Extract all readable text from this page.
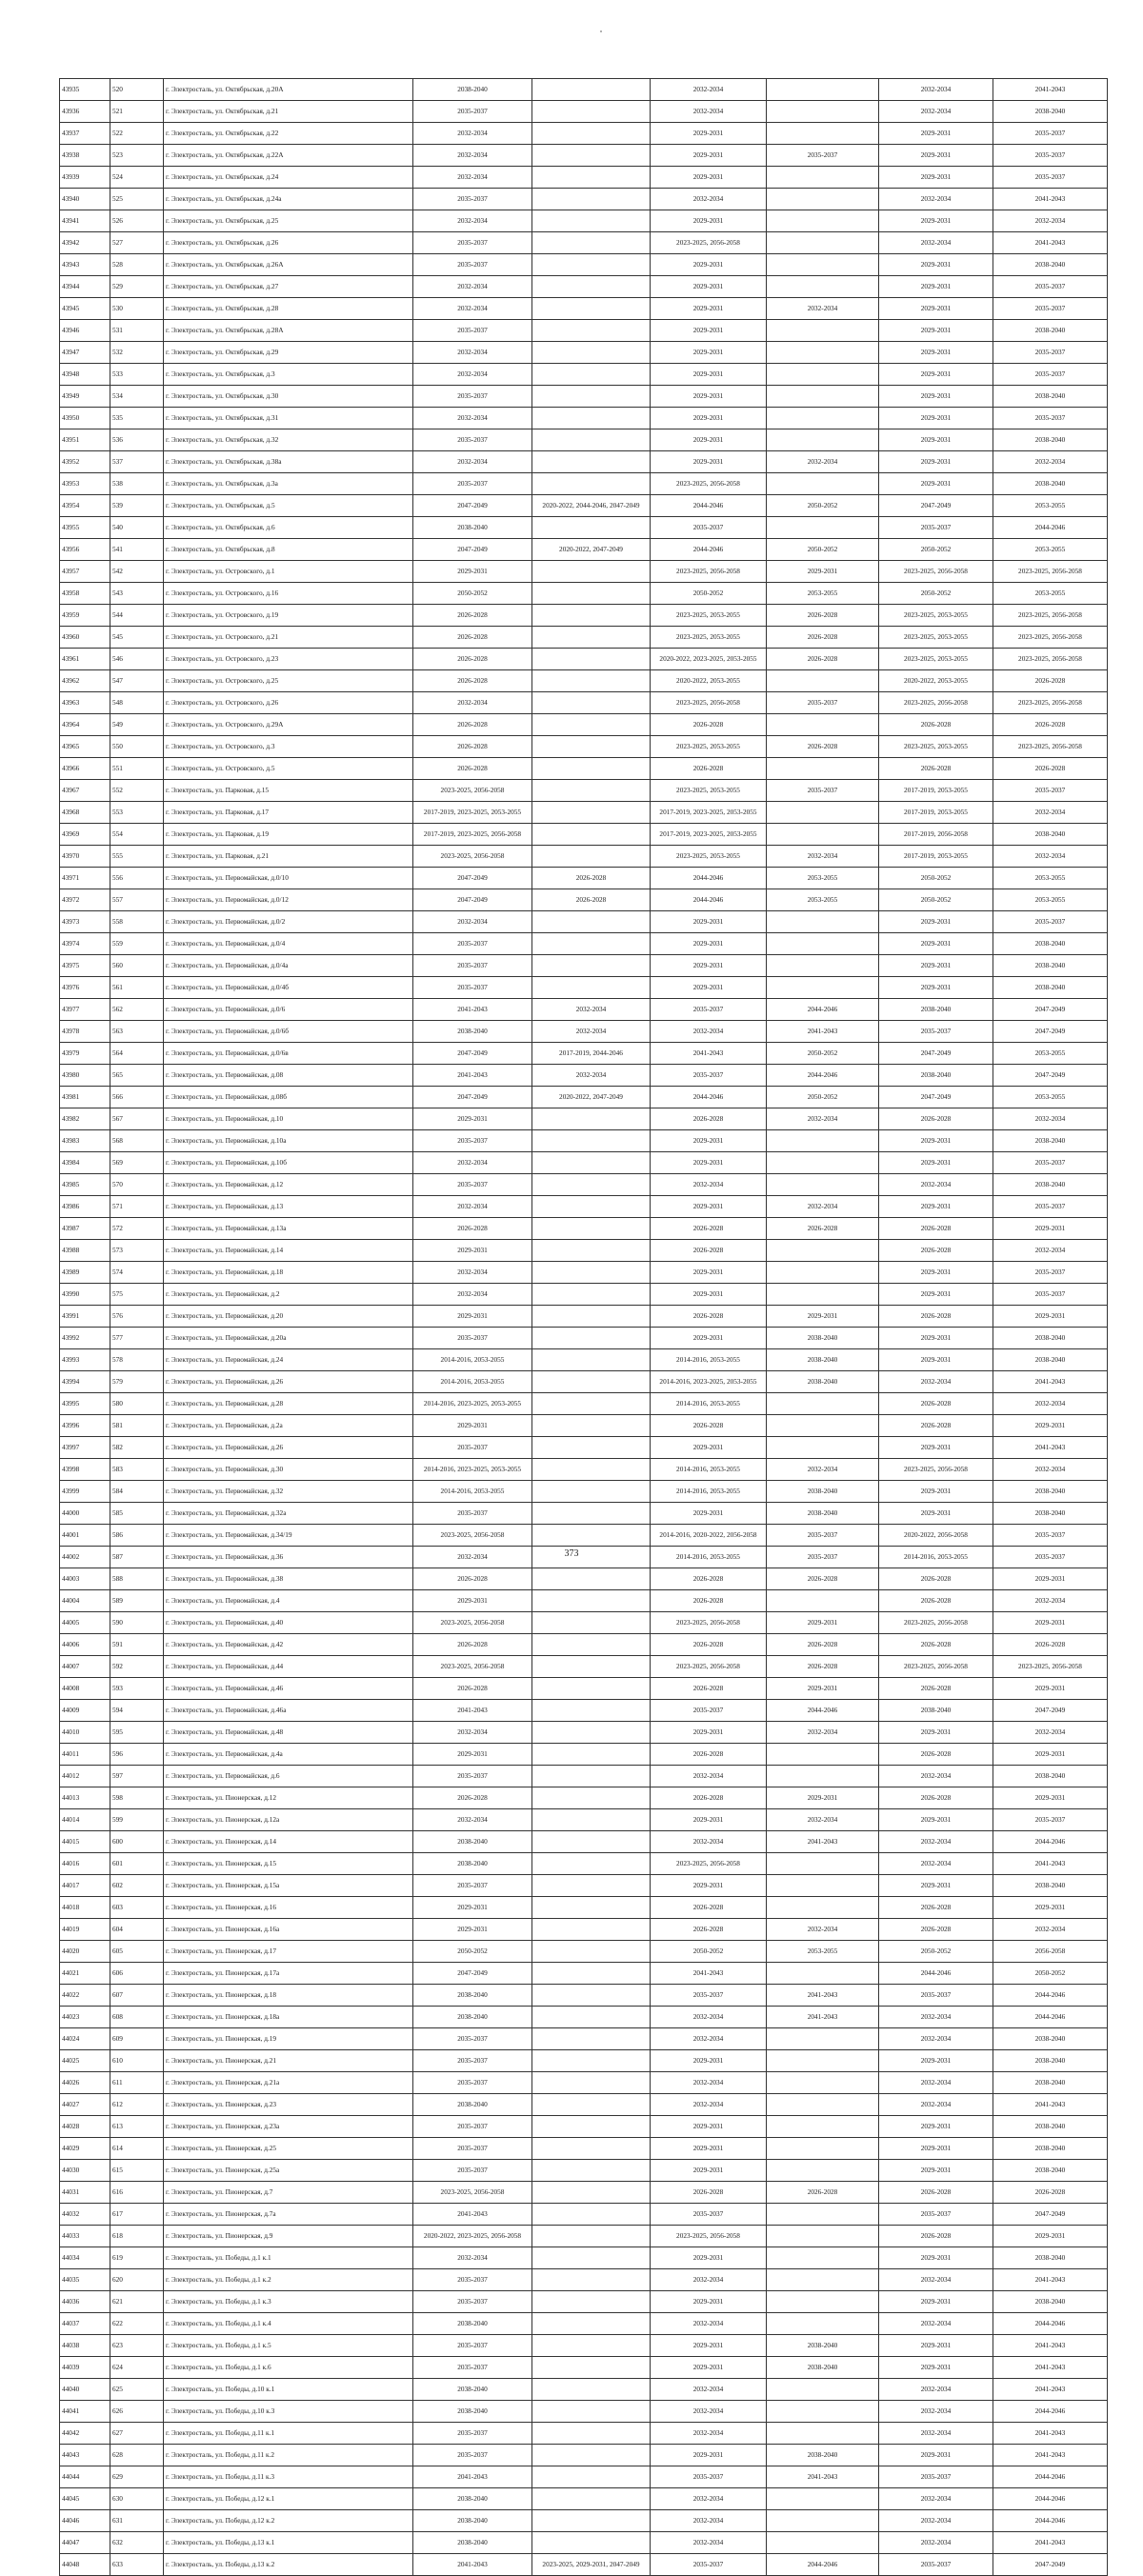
43935	520	г. Электросталь, ул. Октябрьская, д.20А	2038-2040		2032-2034		2032-2034	2041-2043
43936	521	г. Электросталь, ул. Октябрьская, д.21	2035-2037		2032-2034		2032-2034	2038-2040
43937	522	г. Электросталь, ул. Октябрьская, д.22	2032-2034		2029-2031		2029-2031	2035-2037
43938	523	г. Электросталь, ул. Октябрьская, д.22А	2032-2034		2029-2031	2035-2037	2029-2031	2035-2037
43939	524	г. Электросталь, ул. Октябрьская, д.24	2032-2034		2029-2031		2029-2031	2035-2037
43940	525	г. Электросталь, ул. Октябрьская, д.24а	2035-2037		2032-2034		2032-2034	2041-2043
43941	526	г. Электросталь, ул. Октябрьская, д.25	2032-2034		2029-2031		2029-2031	2032-2034
43942	527	г. Электросталь, ул. Октябрьская, д.26	2035-2037		2023-2025, 2056-2058		2032-2034	2041-2043
43943	528	г. Электросталь, ул. Октябрьская, д.26А	2035-2037		2029-2031		2029-2031	2038-2040
43944	529	г. Электросталь, ул. Октябрьская, д.27	2032-2034		2029-2031		2029-2031	2035-2037
43945	530	г. Электросталь, ул. Октябрьская, д.28	2032-2034		2029-2031	2032-2034	2029-2031	2035-2037
43946	531	г. Электросталь, ул. Октябрьская, д.28А	2035-2037		2029-2031		2029-2031	2038-2040
43947	532	г. Электросталь, ул. Октябрьская, д.29	2032-2034		2029-2031		2029-2031	2035-2037
43948	533	г. Электросталь, ул. Октябрьская, д.3	2032-2034		2029-2031		2029-2031	2035-2037
43949	534	г. Электросталь, ул. Октябрьская, д.30	2035-2037		2029-2031		2029-2031	2038-2040
43950	535	г. Электросталь, ул. Октябрьская, д.31	2032-2034		2029-2031		2029-2031	2035-2037
43951	536	г. Электросталь, ул. Октябрьская, д.32	2035-2037		2029-2031		2029-2031	2038-2040
43952	537	г. Электросталь, ул. Октябрьская, д.38а	2032-2034		2029-2031	2032-2034	2029-2031	2032-2034
43953	538	г. Электросталь, ул. Октябрьская, д.3а	2035-2037		2023-2025, 2056-2058		2029-2031	2038-2040
43954	539	г. Электросталь, ул. Октябрьская, д.5	2047-2049	2020-2022, 2044-2046, 2047-2049	2044-2046	2050-2052	2047-2049	2053-2055
43955	540	г. Электросталь, ул. Октябрьская, д.6	2038-2040		2035-2037		2035-2037	2044-2046
43956	541	г. Электросталь, ул. Октябрьская, д.8	2047-2049	2020-2022, 2047-2049	2044-2046	2050-2052	2050-2052	2053-2055
43957	542	г. Электросталь, ул. Островского, д.1	2029-2031		2023-2025, 2056-2058	2029-2031	2023-2025, 2056-2058	2023-2025, 2056-2058
43958	543	г. Электросталь, ул. Островского, д.16	2050-2052		2050-2052	2053-2055	2050-2052	2053-2055
43959	544	г. Электросталь, ул. Островского, д.19	2026-2028		2023-2025, 2053-2055	2026-2028	2023-2025, 2053-2055	2023-2025, 2056-2058
43960	545	г. Электросталь, ул. Островского, д.21	2026-2028		2023-2025, 2053-2055	2026-2028	2023-2025, 2053-2055	2023-2025, 2056-2058
43961	546	г. Электросталь, ул. Островского, д.23	2026-2028		2020-2022, 2023-2025, 2053-2055	2026-2028	2023-2025, 2053-2055	2023-2025, 2056-2058
43962	547	г. Электросталь, ул. Островского, д.25	2026-2028		2020-2022, 2053-2055		2020-2022, 2053-2055	2026-2028
43963	548	г. Электросталь, ул. Островского, д.26	2032-2034		2023-2025, 2056-2058	2035-2037	2023-2025, 2056-2058	2023-2025, 2056-2058
43964	549	г. Электросталь, ул. Островского, д.29А	2026-2028		2026-2028		2026-2028	2026-2028
43965	550	г. Электросталь, ул. Островского, д.3	2026-2028		2023-2025, 2053-2055	2026-2028	2023-2025, 2053-2055	2023-2025, 2056-2058
43966	551	г. Электросталь, ул. Островского, д.5	2026-2028		2026-2028		2026-2028	2026-2028
43967	552	г. Электросталь, ул. Парковая, д.15	2023-2025, 2056-2058		2023-2025, 2053-2055	2035-2037	2017-2019, 2053-2055	2035-2037
43968	553	г. Электросталь, ул. Парковая, д.17	2017-2019, 2023-2025, 2053-2055		2017-2019, 2023-2025, 2053-2055		2017-2019, 2053-2055	2032-2034
43969	554	г. Электросталь, ул. Парковая, д.19	2017-2019, 2023-2025, 2056-2058		2017-2019, 2023-2025, 2053-2055		2017-2019, 2056-2058	2038-2040
43970	555	г. Электросталь, ул. Парковая, д.21	2023-2025, 2056-2058		2023-2025, 2053-2055	2032-2034	2017-2019, 2053-2055	2032-2034
43971	556	г. Электросталь, ул. Первомайская, д.0/10	2047-2049	2026-2028	2044-2046	2053-2055	2050-2052	2053-2055
43972	557	г. Электросталь, ул. Первомайская, д.0/12	2047-2049	2026-2028	2044-2046	2053-2055	2050-2052	2053-2055
43973	558	г. Электросталь, ул. Первомайская, д.0/2	2032-2034		2029-2031		2029-2031	2035-2037
43974	559	г. Электросталь, ул. Первомайская, д.0/4	2035-2037		2029-2031		2029-2031	2038-2040
43975	560	г. Электросталь, ул. Первомайская, д.0/4а	2035-2037		2029-2031		2029-2031	2038-2040
43976	561	г. Электросталь, ул. Первомайская, д.0/4б	2035-2037		2029-2031		2029-2031	2038-2040
43977	562	г. Электросталь, ул. Первомайская, д.0/6	2041-2043	2032-2034	2035-2037	2044-2046	2038-2040	2047-2049
43978	563	г. Электросталь, ул. Первомайская, д.0/6б	2038-2040	2032-2034	2032-2034	2041-2043	2035-2037	2047-2049
43979	564	г. Электросталь, ул. Первомайская, д.0/6в	2047-2049	2017-2019, 2044-2046	2041-2043	2050-2052	2047-2049	2053-2055
43980	565	г. Электросталь, ул. Первомайская, д.08	2041-2043	2032-2034	2035-2037	2044-2046	2038-2040	2047-2049
43981	566	г. Электросталь, ул. Первомайская, д.08б	2047-2049	2020-2022, 2047-2049	2044-2046	2050-2052	2047-2049	2053-2055
43982	567	г. Электросталь, ул. Первомайская, д.10	2029-2031		2026-2028	2032-2034	2026-2028	2032-2034
43983	568	г. Электросталь, ул. Первомайская, д.10а	2035-2037		2029-2031		2029-2031	2038-2040
43984	569	г. Электросталь, ул. Первомайская, д.10б	2032-2034		2029-2031		2029-2031	2035-2037
43985	570	г. Электросталь, ул. Первомайская, д.12	2035-2037		2032-2034		2032-2034	2038-2040
43986	571	г. Электросталь, ул. Первомайская, д.13	2032-2034		2029-2031	2032-2034	2029-2031	2035-2037
43987	572	г. Электросталь, ул. Первомайская, д.13а	2026-2028		2026-2028	2026-2028	2026-2028	2029-2031
43988	573	г. Электросталь, ул. Первомайская, д.14	2029-2031		2026-2028		2026-2028	2032-2034
43989	574	г. Электросталь, ул. Первомайская, д.18	2032-2034		2029-2031		2029-2031	2035-2037
43990	575	г. Электросталь, ул. Первомайская, д.2	2032-2034		2029-2031		2029-2031	2035-2037
43991	576	г. Электросталь, ул. Первомайская, д.20	2029-2031		2026-2028	2029-2031	2026-2028	2029-2031
43992	577	г. Электросталь, ул. Первомайская, д.20а	2035-2037		2029-2031	2038-2040	2029-2031	2038-2040
43993	578	г. Электросталь, ул. Первомайская, д.24	2014-2016, 2053-2055		2014-2016, 2053-2055	2038-2040	2029-2031	2038-2040
43994	579	г. Электросталь, ул. Первомайская, д.26	2014-2016, 2053-2055		2014-2016, 2023-2025, 2053-2055	2038-2040	2032-2034	2041-2043
43995	580	г. Электросталь, ул. Первомайская, д.28	2014-2016, 2023-2025, 2053-2055		2014-2016, 2053-2055		2026-2028	2032-2034
43996	581	г. Электросталь, ул. Первомайская, д.2а	2029-2031		2026-2028		2026-2028	2029-2031
43997	582	г. Электросталь, ул. Первомайская, д.26	2035-2037		2029-2031		2029-2031	2041-2043
43998	583	г. Электросталь, ул. Первомайская, д.30	2014-2016, 2023-2025, 2053-2055		2014-2016, 2053-2055	2032-2034	2023-2025, 2056-2058	2032-2034
43999	584	г. Электросталь, ул. Первомайская, д.32	2014-2016, 2053-2055		2014-2016, 2053-2055	2038-2040	2029-2031	2038-2040
44000	585	г. Электросталь, ул. Первомайская, д.32а	2035-2037		2029-2031	2038-2040	2029-2031	2038-2040
44001	586	г. Электросталь, ул. Первомайская, д.34/19	2023-2025, 2056-2058		2014-2016, 2020-2022, 2056-2058	2035-2037	2020-2022, 2056-2058	2035-2037
44002	587	г. Электросталь, ул. Первомайская, д.36	2032-2034		2014-2016, 2053-2055	2035-2037	2014-2016, 2053-2055	2035-2037
44003	588	г. Электросталь, ул. Первомайская, д.38	2026-2028		2026-2028	2026-2028	2026-2028	2029-2031
44004	589	г. Электросталь, ул. Первомайская, д.4	2029-2031		2026-2028		2026-2028	2032-2034
44005	590	г. Электросталь, ул. Первомайская, д.40	2023-2025, 2056-2058		2023-2025, 2056-2058	2029-2031	2023-2025, 2056-2058	2029-2031
44006	591	г. Электросталь, ул. Первомайская, д.42	2026-2028		2026-2028	2026-2028	2026-2028	2026-2028
44007	592	г. Электросталь, ул. Первомайская, д.44	2023-2025, 2056-2058		2023-2025, 2056-2058	2026-2028	2023-2025, 2056-2058	2023-2025, 2056-2058
44008	593	г. Электросталь, ул. Первомайская, д.46	2026-2028		2026-2028	2029-2031	2026-2028	2029-2031
44009	594	г. Электросталь, ул. Первомайская, д.46а	2041-2043		2035-2037	2044-2046	2038-2040	2047-2049
44010	595	г. Электросталь, ул. Первомайская, д.48	2032-2034		2029-2031	2032-2034	2029-2031	2032-2034
44011	596	г. Электросталь, ул. Первомайская, д.4а	2029-2031		2026-2028		2026-2028	2029-2031
44012	597	г. Электросталь, ул. Первомайская, д.6	2035-2037		2032-2034		2032-2034	2038-2040
44013	598	г. Электросталь, ул. Пионерская, д.12	2026-2028		2026-2028	2029-2031	2026-2028	2029-2031
44014	599	г. Электросталь, ул. Пионерская, д.12а	2032-2034		2029-2031	2032-2034	2029-2031	2035-2037
44015	600	г. Электросталь, ул. Пионерская, д.14	2038-2040		2032-2034	2041-2043	2032-2034	2044-2046
44016	601	г. Электросталь, ул. Пионерская, д.15	2038-2040		2023-2025, 2056-2058		2032-2034	2041-2043
44017	602	г. Электросталь, ул. Пионерская, д.15а	2035-2037		2029-2031		2029-2031	2038-2040
44018	603	г. Электросталь, ул. Пионерская, д.16	2029-2031		2026-2028		2026-2028	2029-2031
44019	604	г. Электросталь, ул. Пионерская, д.16а	2029-2031		2026-2028	2032-2034	2026-2028	2032-2034
44020	605	г. Электросталь, ул. Пионерская, д.17	2050-2052		2050-2052	2053-2055	2050-2052	2056-2058
44021	606	г. Электросталь, ул. Пионерская, д.17а	2047-2049		2041-2043		2044-2046	2050-2052
44022	607	г. Электросталь, ул. Пионерская, д.18	2038-2040		2035-2037	2041-2043	2035-2037	2044-2046
44023	608	г. Электросталь, ул. Пионерская, д.18а	2038-2040		2032-2034	2041-2043	2032-2034	2044-2046
44024	609	г. Электросталь, ул. Пионерская, д.19	2035-2037		2032-2034		2032-2034	2038-2040
44025	610	г. Электросталь, ул. Пионерская, д.21	2035-2037		2029-2031		2029-2031	2038-2040
44026	611	г. Электросталь, ул. Пионерская, д.21а	2035-2037		2032-2034		2032-2034	2038-2040
44027	612	г. Электросталь, ул. Пионерская, д.23	2038-2040		2032-2034		2032-2034	2041-2043
44028	613	г. Электросталь, ул. Пионерская, д.23а	2035-2037		2029-2031		2029-2031	2038-2040
44029	614	г. Электросталь, ул. Пионерская, д.25	2035-2037		2029-2031		2029-2031	2038-2040
44030	615	г. Электросталь, ул. Пионерская, д.25а	2035-2037		2029-2031		2029-2031	2038-2040
44031	616	г. Электросталь, ул. Пионерская, д.7	2023-2025, 2056-2058		2026-2028	2026-2028	2026-2028	2026-2028
44032	617	г. Электросталь, ул. Пионерская, д.7а	2041-2043		2035-2037		2035-2037	2047-2049
44033	618	г. Электросталь, ул. Пионерская, д.9	2020-2022, 2023-2025, 2056-2058		2023-2025, 2056-2058		2026-2028	2029-2031
44034	619	г. Электросталь, ул. Победы, д.1 к.1	2032-2034		2029-2031		2029-2031	2038-2040
44035	620	г. Электросталь, ул. Победы, д.1 к.2	2035-2037		2032-2034		2032-2034	2041-2043
44036	621	г. Электросталь, ул. Победы, д.1 к.3	2035-2037		2029-2031		2029-2031	2038-2040
44037	622	г. Электросталь, ул. Победы, д.1 к.4	2038-2040		2032-2034		2032-2034	2044-2046
44038	623	г. Электросталь, ул. Победы, д.1 к.5	2035-2037		2029-2031	2038-2040	2029-2031	2041-2043
44039	624	г. Электросталь, ул. Победы, д.1 к.6	2035-2037		2029-2031	2038-2040	2029-2031	2041-2043
44040	625	г. Электросталь, ул. Победы, д.10 к.1	2038-2040		2032-2034		2032-2034	2041-2043
44041	626	г. Электросталь, ул. Победы, д.10 к.3	2038-2040		2032-2034		2032-2034	2044-2046
44042	627	г. Электросталь, ул. Победы, д.11 к.1	2035-2037		2032-2034		2032-2034	2041-2043
44043	628	г. Электросталь, ул. Победы, д.11 к.2	2035-2037		2029-2031	2038-2040	2029-2031	2041-2043
44044	629	г. Электросталь, ул. Победы, д.11 к.3	2041-2043		2035-2037	2041-2043	2035-2037	2044-2046
44045	630	г. Электросталь, ул. Победы, д.12 к.1	2038-2040		2032-2034		2032-2034	2044-2046
44046	631	г. Электросталь, ул. Победы, д.12 к.2	2038-2040		2032-2034		2032-2034	2044-2046
44047	632	г. Электросталь, ул. Победы, д.13 к.1	2038-2040		2032-2034		2032-2034	2041-2043
44048	633	г. Электросталь, ул. Победы, д.13 к.2	2041-2043	2023-2025, 2029-2031, 2047-2049	2035-2037	2044-2046	2035-2037	2047-2049
373
